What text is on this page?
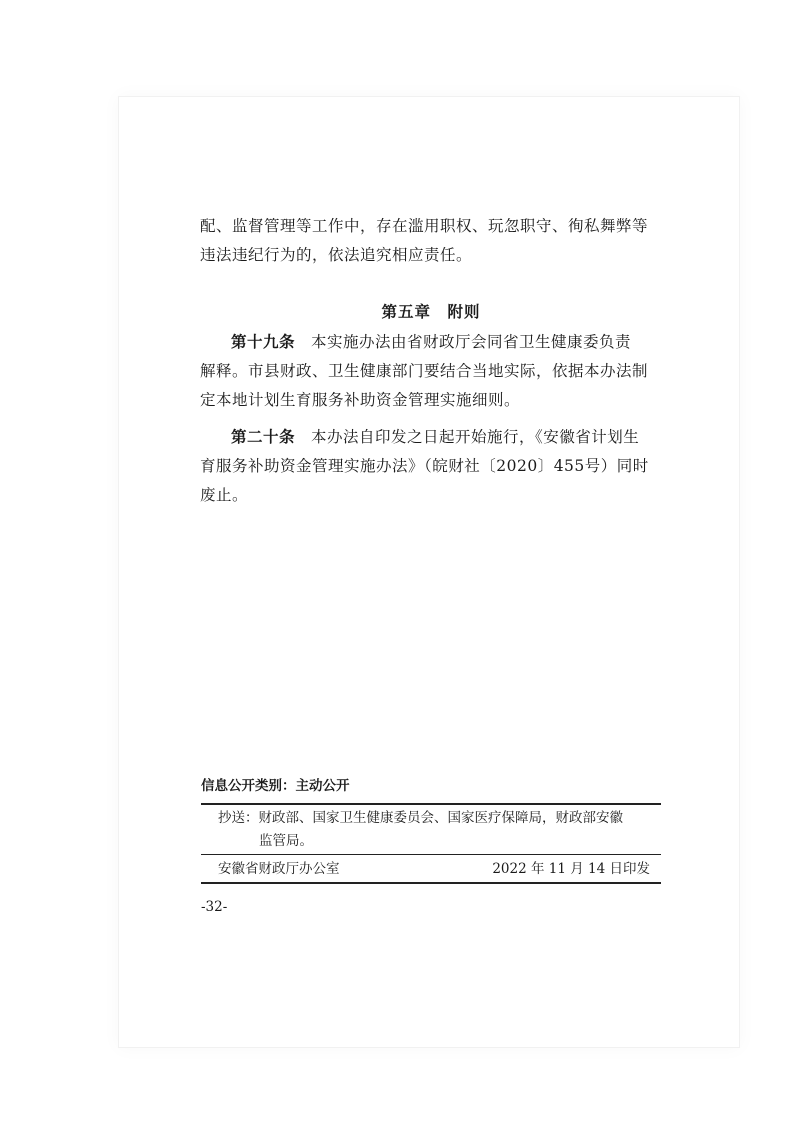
配、监督管理等工作中，存在滥用职权、玩忽职守、徇私舞弊等
违法违纪行为的，依法追究相应责任。
第五章　附则
第十九条　 本实施办法由省财政厅会同省卫生健康委负责
解释。市县财政、卫生健康部门要结合当地实际，依据本办法制
定本地计划生育服务补助资金管理实施细则。
第二十条　 本办法自印发之日起开始施行，《安徽省计划生
育服务补助资金管理实施办法》（皖财社〔2020〕455号）同时
废止。
信息公开类别：主动公开
抄送：财政部、国家卫生健康委员会、国家医疗保障局，财政部安徽
监管局。
安徽省财政厅办公室	2022 年 11 月 14 日印发
-32-
